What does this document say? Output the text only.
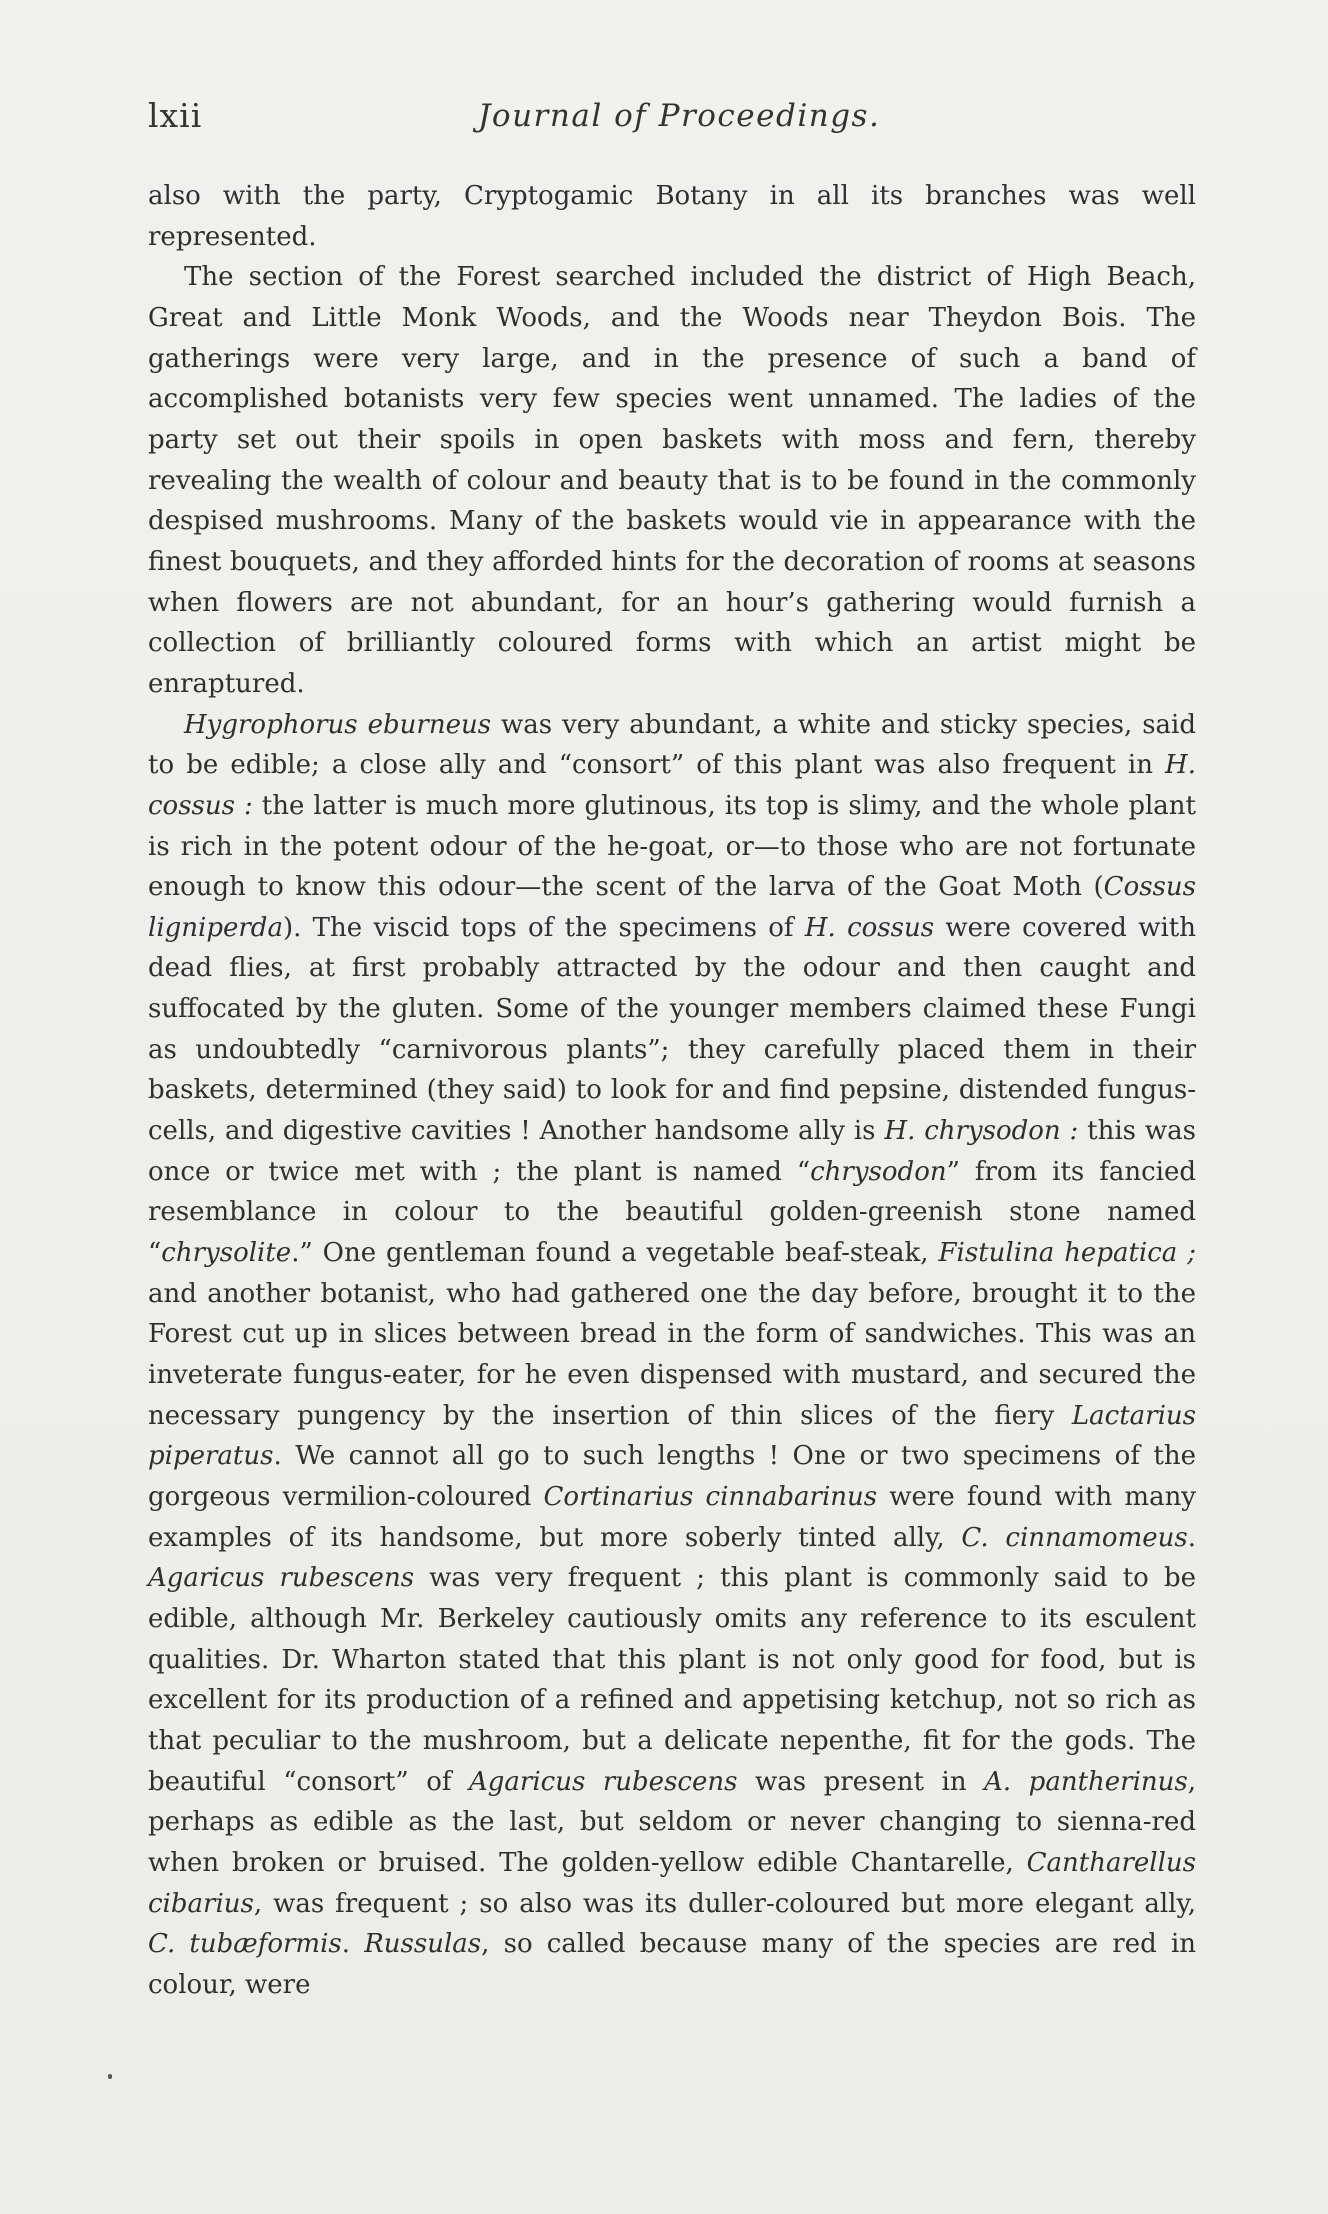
lxii	Journal of Proceedings.

also with the party, Cryptogamic Botany in all its branches was well represented.

The section of the Forest searched included the district of High Beach, Great and Little Monk Woods, and the Woods near Theydon Bois. The gatherings were very large, and in the presence of such a band of accomplished botanists very few species went unnamed. The ladies of the party set out their spoils in open baskets with moss and fern, thereby revealing the wealth of colour and beauty that is to be found in the commonly despised mushrooms. Many of the baskets would vie in appearance with the finest bouquets, and they afforded hints for the decoration of rooms at seasons when flowers are not abundant, for an hour’s gathering would furnish a collection of brilliantly coloured forms with which an artist might be enraptured.

Hygrophorus eburneus was very abundant, a white and sticky species, said to be edible; a close ally and “consort” of this plant was also frequent in H. cossus : the latter is much more glutinous, its top is slimy, and the whole plant is rich in the potent odour of the he-goat, or—to those who are not fortunate enough to know this odour—the scent of the larva of the Goat Moth (Cossus ligniperda). The viscid tops of the specimens of H. cossus were covered with dead flies, at first probably attracted by the odour and then caught and suffocated by the gluten. Some of the younger members claimed these Fungi as undoubtedly “carnivorous plants”; they carefully placed them in their baskets, determined (they said) to look for and find pepsine, distended fungus-cells, and digestive cavities ! Another handsome ally is H. chrysodon : this was once or twice met with ; the plant is named “chrysodon” from its fancied resemblance in colour to the beautiful golden-greenish stone named “chrysolite.” One gentleman found a vegetable beaf-steak, Fistulina hepatica ; and another botanist, who had gathered one the day before, brought it to the Forest cut up in slices between bread in the form of sandwiches. This was an inveterate fungus-eater, for he even dispensed with mustard, and secured the necessary pungency by the insertion of thin slices of the fiery Lactarius piperatus. We cannot all go to such lengths ! One or two specimens of the gorgeous vermilion-coloured Cortinarius cinnabarinus were found with many examples of its handsome, but more soberly tinted ally, C. cinnamomeus. Agaricus rubescens was very frequent ; this plant is commonly said to be edible, although Mr. Berkeley cautiously omits any reference to its esculent qualities. Dr. Wharton stated that this plant is not only good for food, but is excellent for its production of a refined and appetising ketchup, not so rich as that peculiar to the mushroom, but a delicate nepenthe, fit for the gods. The beautiful “consort” of Agaricus rubescens was present in A. pantherinus, perhaps as edible as the last, but seldom or never changing to sienna-red when broken or bruised. The golden-yellow edible Chantarelle, Cantharellus cibarius, was frequent ; so also was its duller-coloured but more elegant ally, C. tubæformis. Russulas, so called because many of the species are red in colour, were
